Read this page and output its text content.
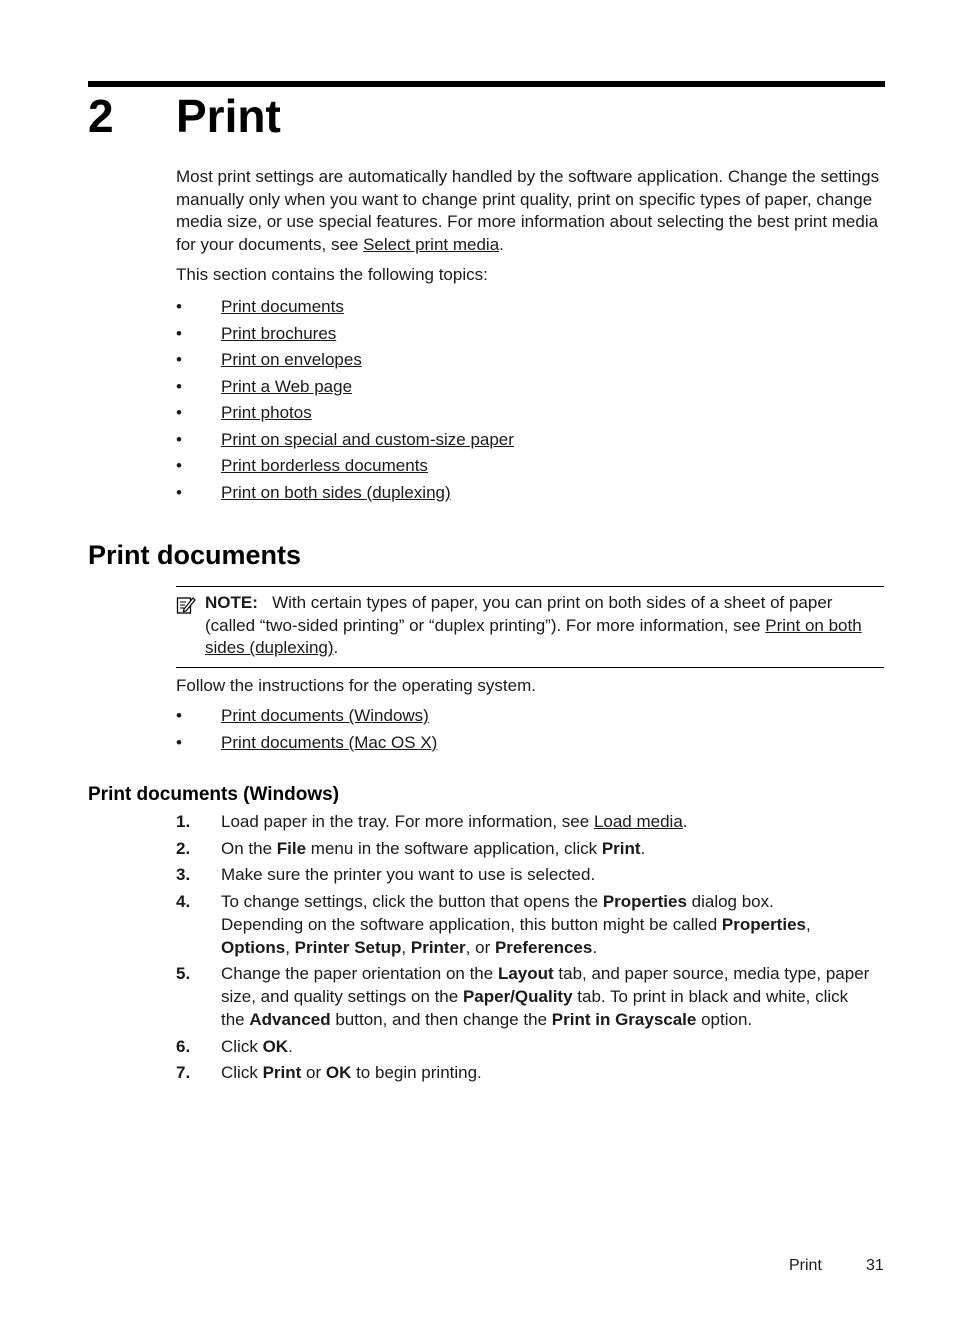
2 Print

Most print settings are automatically handled by the software application. Change the settings manually only when you want to change print quality, print on specific types of paper, change media size, or use special features. For more information about selecting the best print media for your documents, see Select print media.

This section contains the following topics:

• Print documents
• Print brochures
• Print on envelopes
• Print a Web page
• Print photos
• Print on special and custom-size paper
• Print borderless documents
• Print on both sides (duplexing)
Print documents
NOTE: With certain types of paper, you can print on both sides of a sheet of paper (called “two-sided printing” or “duplex printing”). For more information, see Print on both sides (duplexing).

Follow the instructions for the operating system.

• Print documents (Windows)
• Print documents (Mac OS X)
Print documents (Windows)
1. Load paper in the tray. For more information, see Load media.
2. On the File menu in the software application, click Print.
3. Make sure the printer you want to use is selected.
4. To change settings, click the button that opens the Properties dialog box.
Depending on the software application, this button might be called Properties, Options, Printer Setup, Printer, or Preferences.
5. Change the paper orientation on the Layout tab, and paper source, media type, paper size, and quality settings on the Paper/Quality tab. To print in black and white, click the Advanced button, and then change the Print in Grayscale option.
6. Click OK.
7. Click Print or OK to begin printing.
Print	31
